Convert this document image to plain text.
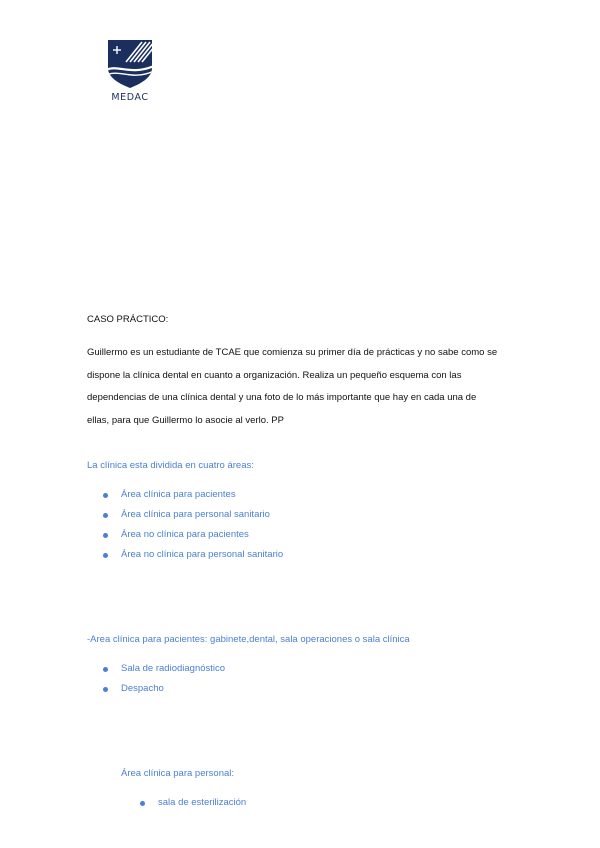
MEDAC
CASO PRÁCTICO:
Guillermo es un estudiante de TCAE que comienza su primer día de prácticas y no sabe como se
dispone la clínica dental en cuanto a organización. Realiza un pequeño esquema con las
dependencias de una clínica dental y una foto de lo más importante que hay en cada una de
ellas, para que Guillermo lo asocie al verlo. PP
La clínica esta dividida en cuatro áreas:
Área clínica para pacientes
Área clínica para personal sanitario
Área no clínica para pacientes
Área no clínica para personal sanitario
-Area clínica para pacientes: gabinete,dental, sala operaciones o sala clínica
Sala de radiodiagnóstico
Despacho
Área clínica para personal:
sala de esterilización
